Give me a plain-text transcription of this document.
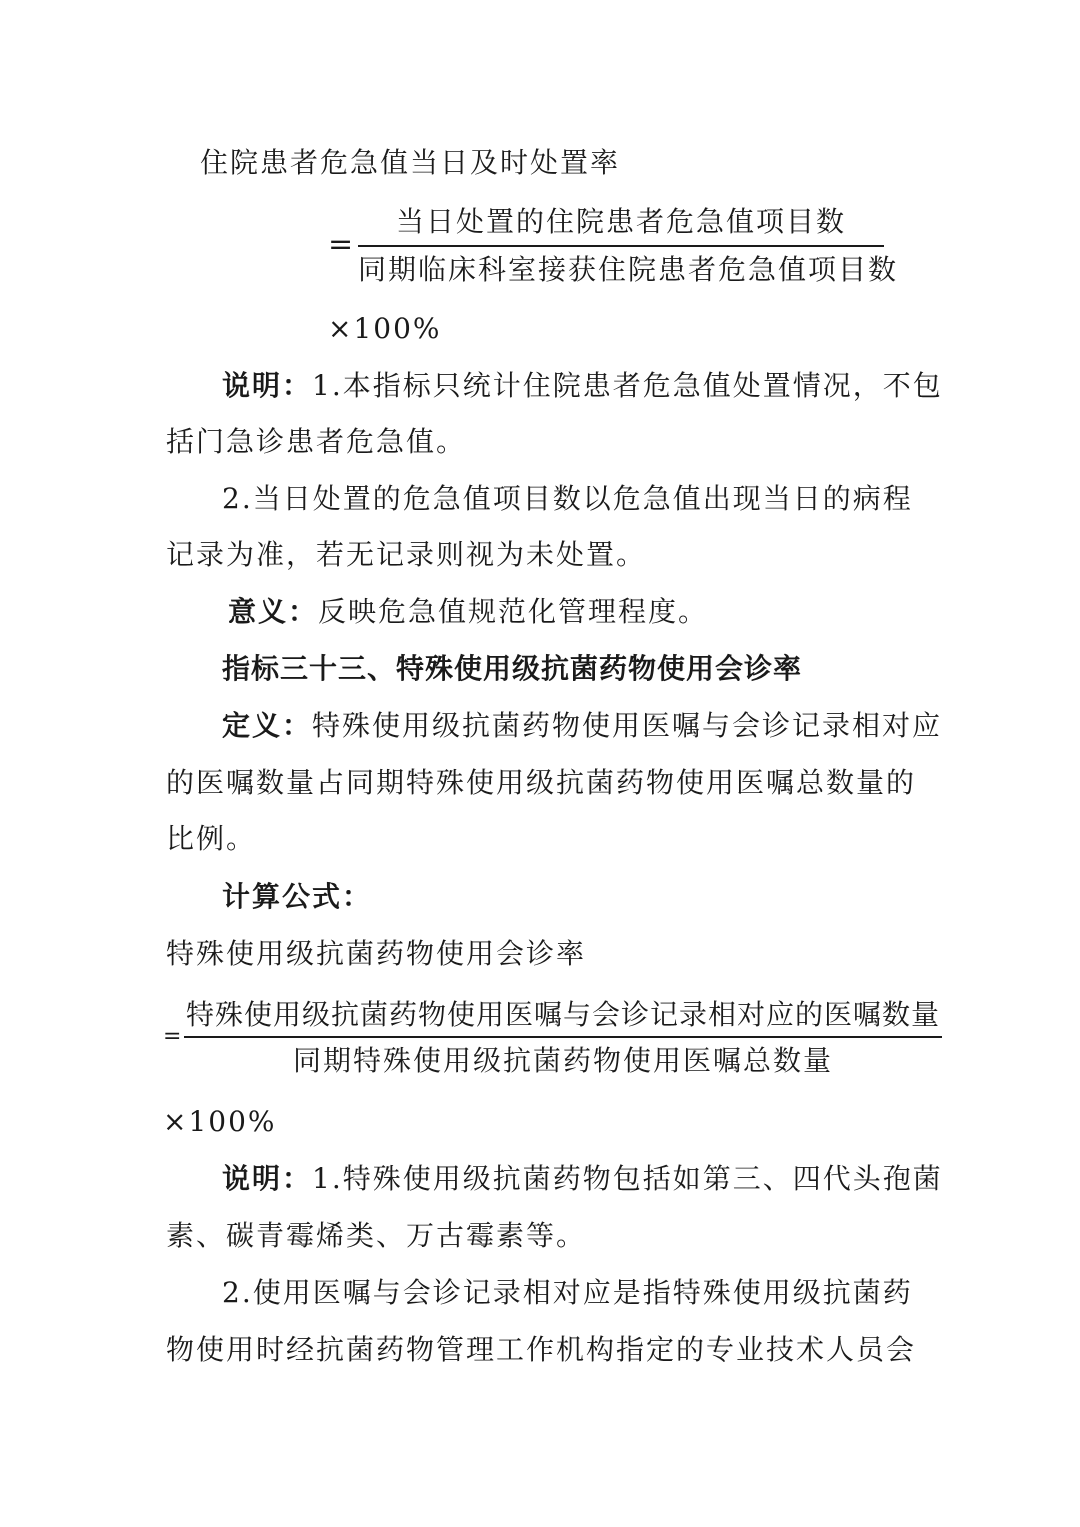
住院患者危急值当日及时处置率
=
当日处置的住院患者危急值项目数
同期临床科室接获住院患者危急值项目数
×100%
说明：1.本指标只统计住院患者危急值处置情况，不包
括门急诊患者危急值。
2.当日处置的危急值项目数以危急值出现当日的病程
记录为准，若无记录则视为未处置。
意义：反映危急值规范化管理程度。
指标三十三、特殊使用级抗菌药物使用会诊率
定义：特殊使用级抗菌药物使用医嘱与会诊记录相对应
的医嘱数量占同期特殊使用级抗菌药物使用医嘱总数量的
比例。
计算公式：
特殊使用级抗菌药物使用会诊率
=
特殊使用级抗菌药物使用医嘱与会诊记录相对应的医嘱数量
同期特殊使用级抗菌药物使用医嘱总数量
×100%
说明：1.特殊使用级抗菌药物包括如第三、四代头孢菌
素、碳青霉烯类、万古霉素等。
2.使用医嘱与会诊记录相对应是指特殊使用级抗菌药
物使用时经抗菌药物管理工作机构指定的专业技术人员会
